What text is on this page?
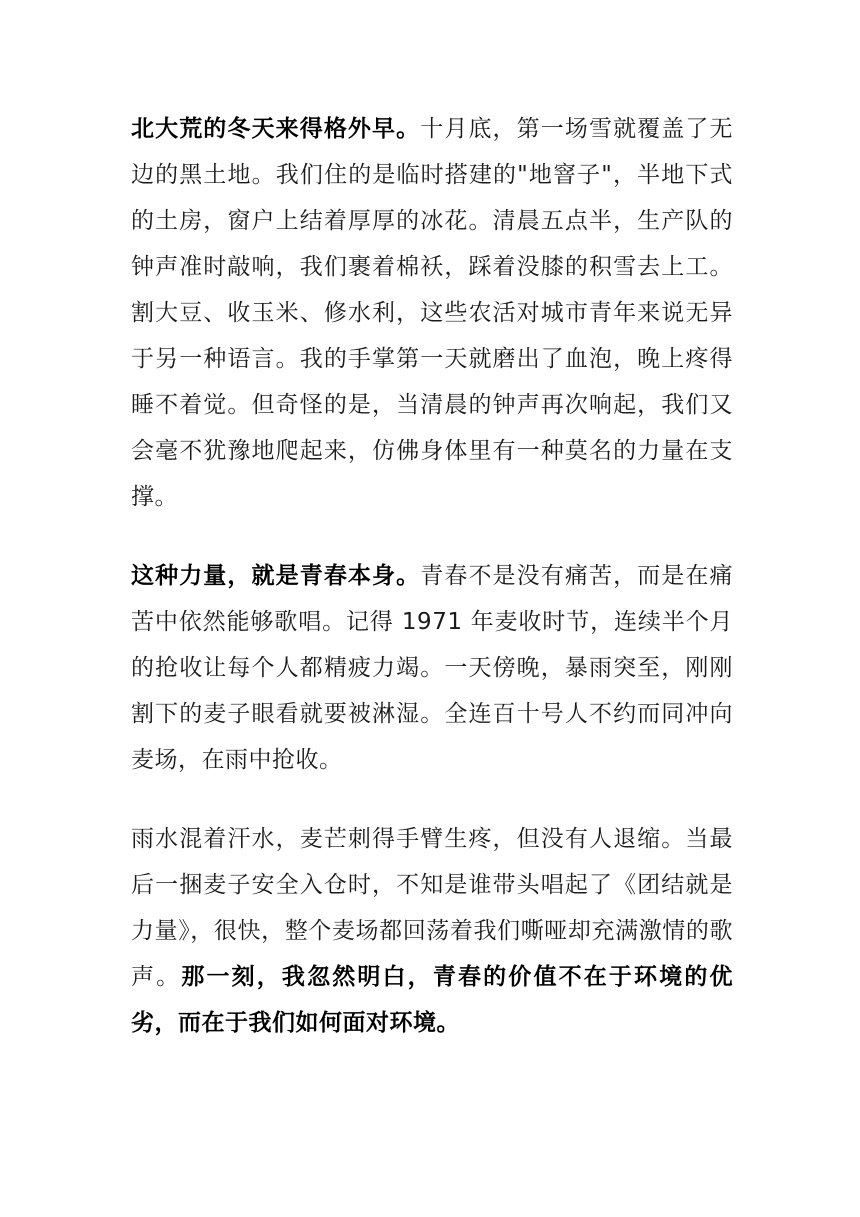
北大荒的冬天来得格外早。十月底，第一场雪就覆盖了无边的黑土地。我们住的是临时搭建的"地窨子"，半地下式的土房，窗户上结着厚厚的冰花。清晨五点半，生产队的钟声准时敲响，我们裹着棉袄，踩着没膝的积雪去上工。割大豆、收玉米、修水利，这些农活对城市青年来说无异于另一种语言。我的手掌第一天就磨出了血泡，晚上疼得睡不着觉。但奇怪的是，当清晨的钟声再次响起，我们又会毫不犹豫地爬起来，仿佛身体里有一种莫名的力量在支撑。

这种力量，就是青春本身。青春不是没有痛苦，而是在痛苦中依然能够歌唱。记得 1971 年麦收时节，连续半个月的抢收让每个人都精疲力竭。一天傍晚，暴雨突至，刚刚割下的麦子眼看就要被淋湿。全连百十号人不约而同冲向麦场，在雨中抢收。

雨水混着汗水，麦芒刺得手臂生疼，但没有人退缩。当最后一捆麦子安全入仓时，不知是谁带头唱起了《团结就是力量》，很快，整个麦场都回荡着我们嘶哑却充满激情的歌声。那一刻，我忽然明白，青春的价值不在于环境的优劣，而在于我们如何面对环境。
